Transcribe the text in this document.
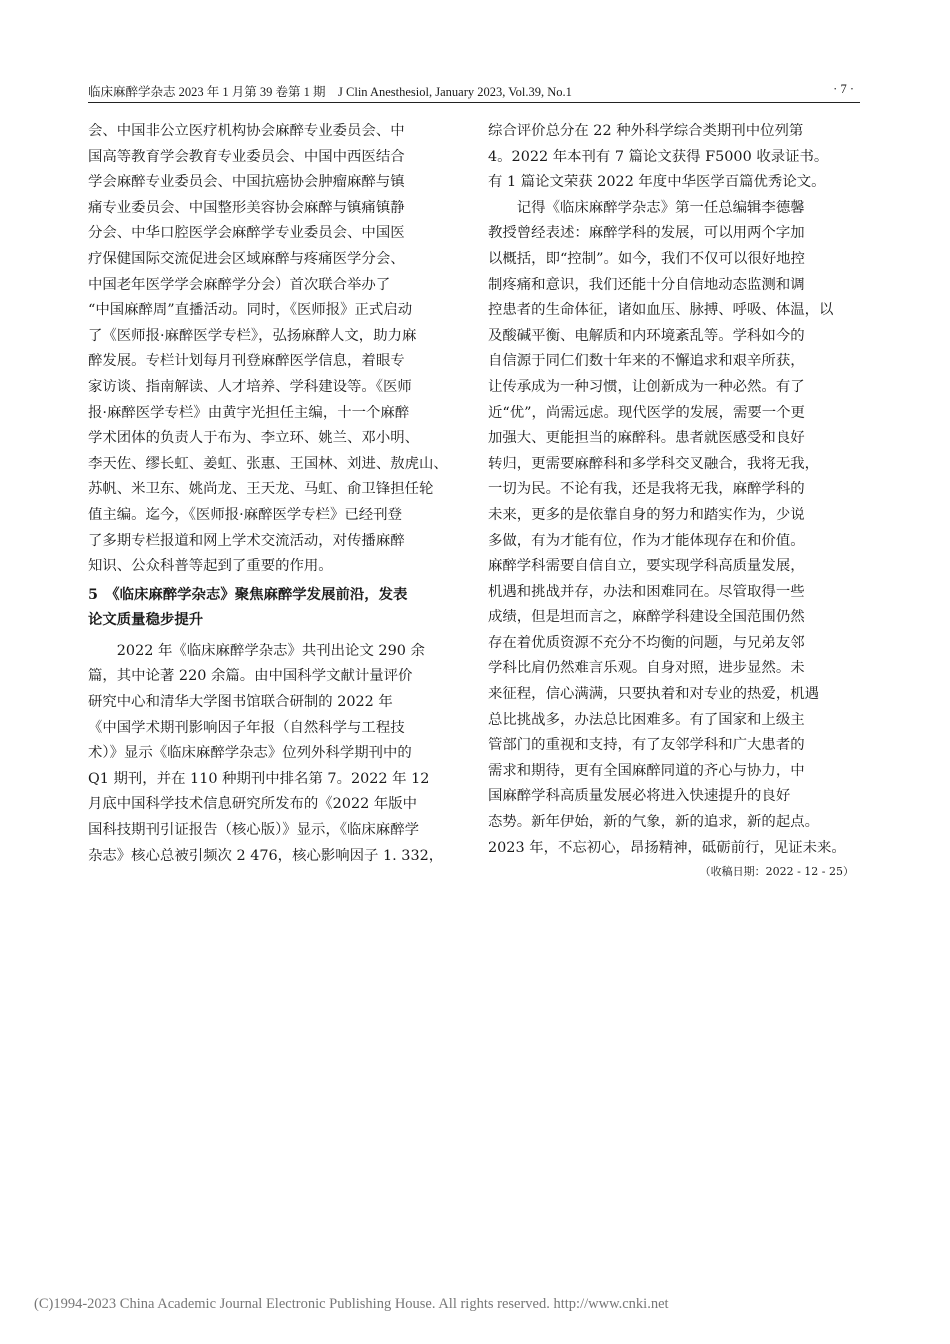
临床麻醉学杂志 2023 年 1 月第 39 卷第 1 期 J Clin Anesthesiol, January 2023, Vol.39, No.1	· 7 ·
会、中国非公立医疗机构协会麻醉专业委员会、中
国高等教育学会教育专业委员会、中国中西医结合
学会麻醉专业委员会、中国抗癌协会肿瘤麻醉与镇
痛专业委员会、中国整形美容协会麻醉与镇痛镇静
分会、中华口腔医学会麻醉学专业委员会、中国医
疗保健国际交流促进会区域麻醉与疼痛医学分会、
中国老年医学学会麻醉学分会）首次联合举办了
“中国麻醉周”直播活动。同时，《医师报》正式启动
了《医师报·麻醉医学专栏》，弘扬麻醉人文，助力麻
醉发展。专栏计划每月刊登麻醉医学信息，着眼专
家访谈、指南解读、人才培养、学科建设等。《医师
报·麻醉医学专栏》由黄宇光担任主编，十一个麻醉
学术团体的负责人于布为、李立环、姚兰、邓小明、
李天佐、缪长虹、姜虹、张惠、王国林、刘进、敖虎山、
苏帆、米卫东、姚尚龙、王天龙、马虹、俞卫锋担任轮
值主编。迄今，《医师报·麻醉医学专栏》已经刊登
了多期专栏报道和网上学术交流活动，对传播麻醉
知识、公众科普等起到了重要的作用。
5　《临床麻醉学杂志》聚焦麻醉学发展前沿，发表
论文质量稳步提升
　　2022 年《临床麻醉学杂志》共刊出论文 290 余
篇，其中论著 220 余篇。由中国科学文献计量评价
研究中心和清华大学图书馆联合研制的 2022 年
《中国学术期刊影响因子年报（自然科学与工程技
术）》显示《临床麻醉学杂志》位列外科学期刊中的
Q1 期刊，并在 110 种期刊中排名第 7。2022 年 12
月底中国科学技术信息研究所发布的《2022 年版中
国科技期刊引证报告（核心版）》显示，《临床麻醉学
杂志》核心总被引频次 2 476，核心影响因子 1. 332，
综合评价总分在 22 种外科学综合类期刊中位列第
4。2022 年本刊有 7 篇论文获得 F5000 收录证书。
有 1 篇论文荣获 2022 年度中华医学百篇优秀论文。
　　记得《临床麻醉学杂志》第一任总编辑李德馨
教授曾经表述：麻醉学科的发展，可以用两个字加
以概括，即“控制”。如今，我们不仅可以很好地控
制疼痛和意识，我们还能十分自信地动态监测和调
控患者的生命体征，诸如血压、脉搏、呼吸、体温，以
及酸碱平衡、电解质和内环境紊乱等。学科如今的
自信源于同仁们数十年来的不懈追求和艰辛所获，
让传承成为一种习惯，让创新成为一种必然。有了
近“优”，尚需远虑。现代医学的发展，需要一个更
加强大、更能担当的麻醉科。患者就医感受和良好
转归，更需要麻醉科和多学科交叉融合，我将无我，
一切为民。不论有我，还是我将无我，麻醉学科的
未来，更多的是依靠自身的努力和踏实作为，少说
多做，有为才能有位，作为才能体现存在和价值。
麻醉学科需要自信自立，要实现学科高质量发展，
机遇和挑战并存，办法和困难同在。尽管取得一些
成绩，但是坦而言之，麻醉学科建设全国范围仍然
存在着优质资源不充分不均衡的问题，与兄弟友邻
学科比肩仍然难言乐观。自身对照，进步显然。未
来征程，信心满满，只要执着和对专业的热爱，机遇
总比挑战多，办法总比困难多。有了国家和上级主
管部门的重视和支持，有了友邻学科和广大患者的
需求和期待，更有全国麻醉同道的齐心与协力，中
国麻醉学科高质量发展必将进入快速提升的良好
态势。新年伊始，新的气象，新的追求，新的起点。
2023 年，不忘初心，昂扬精神，砥砺前行，见证未来。
（收稿日期：2022 - 12 - 25）
(C)1994-2023 China Academic Journal Electronic Publishing House. All rights reserved. http://www.cnki.net
